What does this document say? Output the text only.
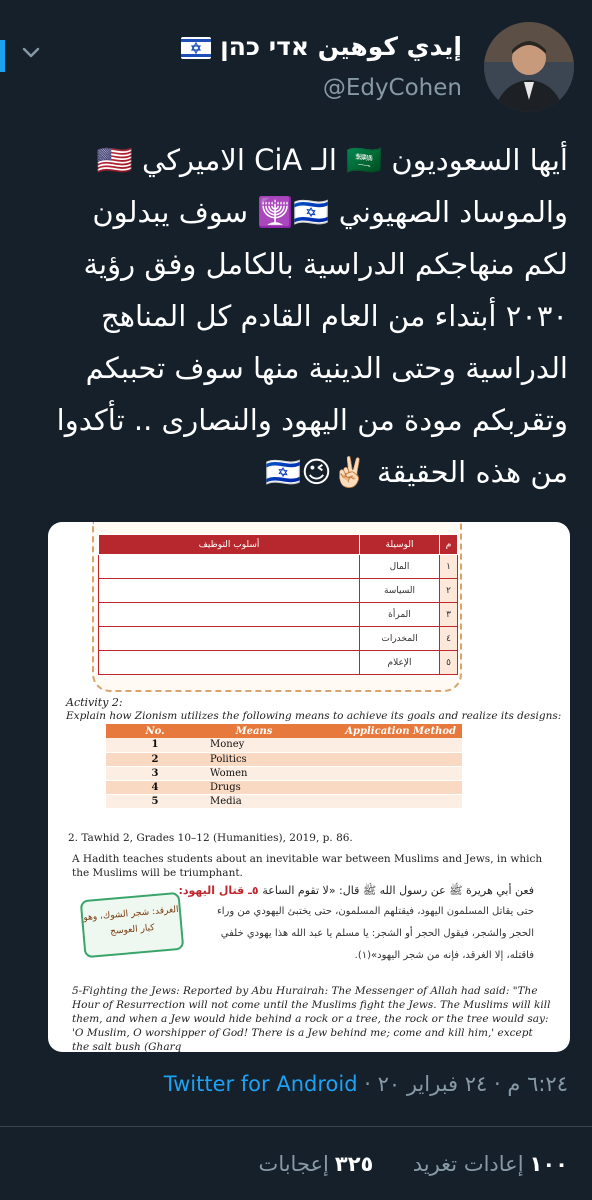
إيدي كوهين אדי כהן
@EdyCohen
أيها السعوديون 🇸🇦 الـ CiA الاميركي 🇺🇸
والموساد الصهيوني 🇮🇱🕎 سوف يبدلون
لكم منهاجكم الدراسية بالكامل وفق رؤية
٢٠٣٠ أبتداء من العام القادم كل المناهج
الدراسية وحتى الدينية منها سوف تحببكم
وتقربكم مودة من اليهود والنصارى .. تأكدوا
من هذه الحقيقة ✌🏻😉🇮🇱
م	الوسيلة	أسلوب التوظيف
١	المال	
٢	السياسة	
٣	المرأة	
٤	المخدرات	
٥	الإعلام	
Activity 2:
Explain how Zionism utilizes the following means to achieve its goals and realize its designs:
No.	Means	Application Method
1	Money	
2	Politics	
3	Women	
4	Drugs	
5	Media	
2. Tawhid 2, Grades 10–12 (Humanities), 2019, p. 86.
A Hadith teaches students about an inevitable war between Muslims and Jews, in which the Muslims will be triumphant.
فعن أبي هريرة ﷺ عن رسول الله ﷺ قال: «لا تقوم الساعة ٥ـ قتال اليهود:
حتى يقاتل المسلمون اليهود، فيقتلهم المسلمون، حتى يختبئ اليهودي من وراء
الحجر والشجر، فيقول الحجر أو الشجر: يا مسلم يا عبد الله هذا يهودي خلفي
فاقتله، إلا الغرقد، فإنه من شجر اليهود»(١).
الغرقد: شجر الشوك، وهو كبار العوسج
5-Fighting the Jews: Reported by Abu Hurairah: The Messenger of Allah had said: "The Hour of Resurrection will not come until the Muslims fight the Jews. The Muslims will kill them, and when a Jew would hide behind a rock or a tree, the rock or the tree would say: 'O Muslim, O worshipper of God! There is a Jew behind me; come and kill him,' except the salt bush (Gharq
٦:٢٤ م · ٢٤ فبراير ٢٠ · Twitter for Android
١٠٠إعادات تغريد  ٣٢٥إعجابات
